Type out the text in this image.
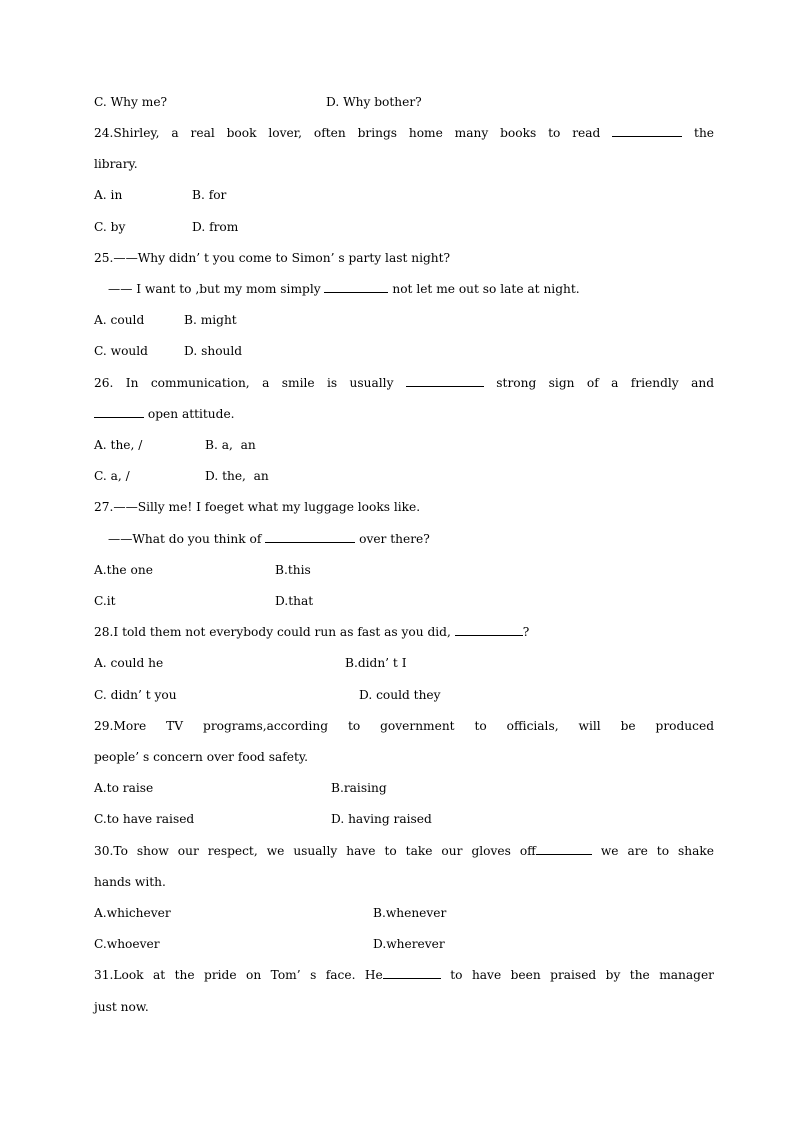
C. Why me?	D. Why bother?
24.Shirley, a real book lover, often brings home many books to read	the
library.
A. in	B. for
C. by	D. from
25.——Why didn’ t you come to Simon’ s party last night?
—— I want to ,but my mom simply	not let me out so late at night.
A. could	B. might
C. would	D. should
26. In communication, a smile is usually	strong sign of a friendly and
open attitude.
A. the, /	B. a,  an
C. a, /	D. the,  an
27.——Silly me! I foeget what my luggage looks like.
——What do you think of	over there?
A.the one	B.this
C.it	D.that
28.I told them not everybody could run as fast as you did,	?
A. could he	B.didn’ t I
C. didn’ t you	D. could they
29.More TV programs,according to government to officials, will be produced
people’ s concern over food safety.
A.to raise	B.raising
C.to have raised	D. having raised
30.To show our respect, we usually have to take our gloves off	we are to shake
hands with.
A.whichever	B.whenever
C.whoever	D.wherever
31.Look at the pride on Tom’ s face. He	to have been praised by the manager
just now.
